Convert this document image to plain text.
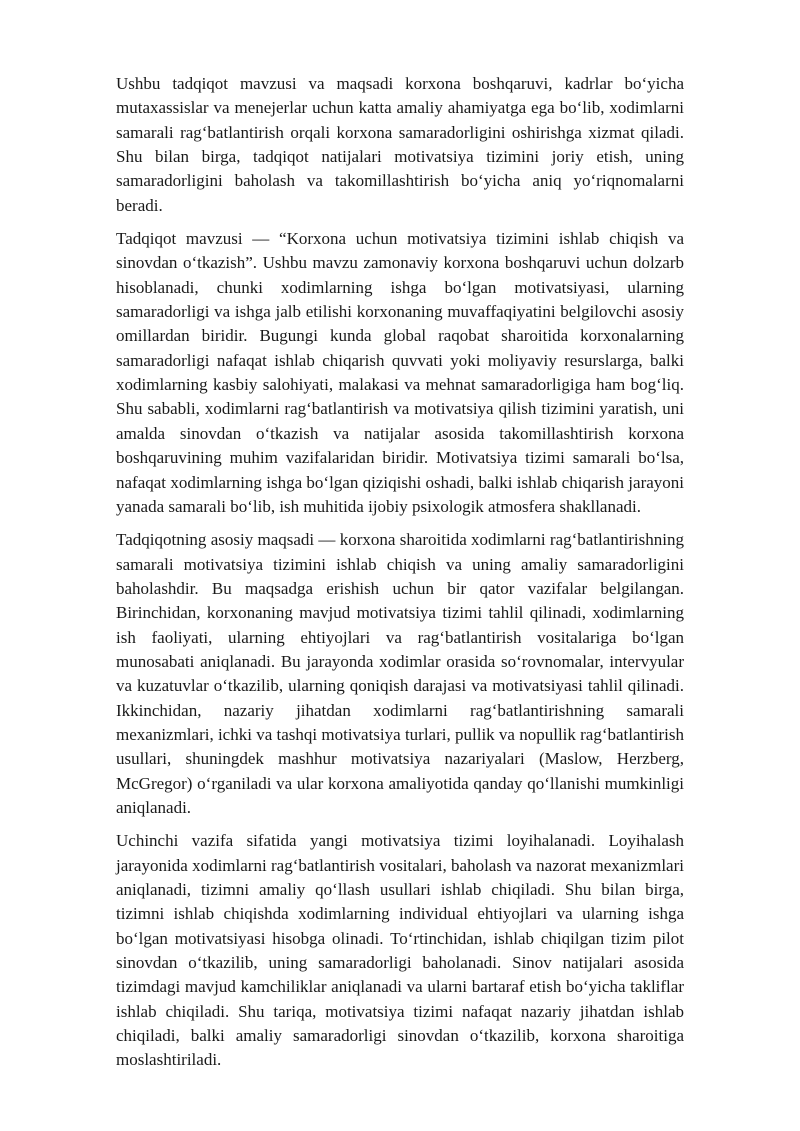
Ushbu tadqiqot mavzusi va maqsadi korxona boshqaruvi, kadrlar bo‘yicha mutaxassislar va menejerlar uchun katta amaliy ahamiyatga ega bo‘lib, xodimlarni samarali rag‘batlantirish orqali korxona samaradorligini oshirishga xizmat qiladi. Shu bilan birga, tadqiqot natijalari motivatsiya tizimini joriy etish, uning samaradorligini baholash va takomillashtirish bo‘yicha aniq yo‘riqnomalarni beradi.

Tadqiqot mavzusi — “Korxona uchun motivatsiya tizimini ishlab chiqish va sinovdan o‘tkazish”. Ushbu mavzu zamonaviy korxona boshqaruvi uchun dolzarb hisoblanadi, chunki xodimlarning ishga bo‘lgan motivatsiyasi, ularning samaradorligi va ishga jalb etilishi korxonaning muvaffaqiyatini belgilovchi asosiy omillardan biridir. Bugungi kunda global raqobat sharoitida korxonalarning samaradorligi nafaqat ishlab chiqarish quvvati yoki moliyaviy resurslarga, balki xodimlarning kasbiy salohiyati, malakasi va mehnat samaradorligiga ham bog‘liq. Shu sababli, xodimlarni rag‘batlantirish va motivatsiya qilish tizimini yaratish, uni amalda sinovdan o‘tkazish va natijalar asosida takomillashtirish korxona boshqaruvining muhim vazifalaridan biridir. Motivatsiya tizimi samarali bo‘lsa, nafaqat xodimlarning ishga bo‘lgan qiziqishi oshadi, balki ishlab chiqarish jarayoni yanada samarali bo‘lib, ish muhitida ijobiy psixologik atmosfera shakllanadi.

Tadqiqotning asosiy maqsadi — korxona sharoitida xodimlarni rag‘batlantirishning samarali motivatsiya tizimini ishlab chiqish va uning amaliy samaradorligini baholashdir. Bu maqsadga erishish uchun bir qator vazifalar belgilangan. Birinchidan, korxonaning mavjud motivatsiya tizimi tahlil qilinadi, xodimlarning ish faoliyati, ularning ehtiyojlari va rag‘batlantirish vositalariga bo‘lgan munosabati aniqlanadi. Bu jarayonda xodimlar orasida so‘rovnomalar, intervyular va kuzatuvlar o‘tkazilib, ularning qoniqish darajasi va motivatsiyasi tahlil qilinadi. Ikkinchidan, nazariy jihatdan xodimlarni rag‘batlantirishning samarali mexanizmlari, ichki va tashqi motivatsiya turlari, pullik va nopullik rag‘batlantirish usullari, shuningdek mashhur motivatsiya nazariyalari (Maslow, Herzberg, McGregor) o‘rganiladi va ular korxona amaliyotida qanday qo‘llanishi mumkinligi aniqlanadi.

Uchinchi vazifa sifatida yangi motivatsiya tizimi loyihalanadi. Loyihalash jarayonida xodimlarni rag‘batlantirish vositalari, baholash va nazorat mexanizmlari aniqlanadi, tizimni amaliy qo‘llash usullari ishlab chiqiladi. Shu bilan birga, tizimni ishlab chiqishda xodimlarning individual ehtiyojlari va ularning ishga bo‘lgan motivatsiyasi hisobga olinadi. To‘rtinchidan, ishlab chiqilgan tizim pilot sinovdan o‘tkazilib, uning samaradorligi baholanadi. Sinov natijalari asosida tizimdagi mavjud kamchiliklar aniqlanadi va ularni bartaraf etish bo‘yicha takliflar ishlab chiqiladi. Shu tariqa, motivatsiya tizimi nafaqat nazariy jihatdan ishlab chiqiladi, balki amaliy samaradorligi sinovdan o‘tkazilib, korxona sharoitiga moslashtiriladi.
